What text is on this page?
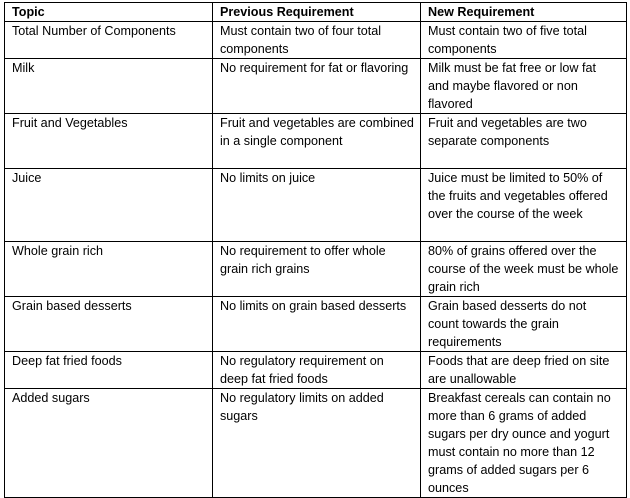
Topic	Previous Requirement	New Requirement
Total Number of Components	Must contain two of four total components	Must contain two of five total components
Milk	No requirement for fat or flavoring	Milk must be fat free or low fat and maybe flavored or non flavored
Fruit and Vegetables	Fruit and vegetables are combined in a single component	Fruit and vegetables are two separate components
Juice	No limits on juice	Juice must be limited to 50% of the fruits and vegetables offered over the course of the week
Whole grain rich	No requirement to offer whole grain rich grains	80% of grains offered over the course of the week must be whole grain rich
Grain based desserts	No limits on grain based desserts	Grain based desserts do not count towards the grain requirements
Deep fat fried foods	No regulatory requirement on deep fat fried foods	Foods that are deep fried on site are unallowable
Added sugars	No regulatory limits on added sugars	Breakfast cereals can contain no more than 6 grams of added sugars per dry ounce and yogurt must contain no more than 12 grams of added sugars per 6 ounces
